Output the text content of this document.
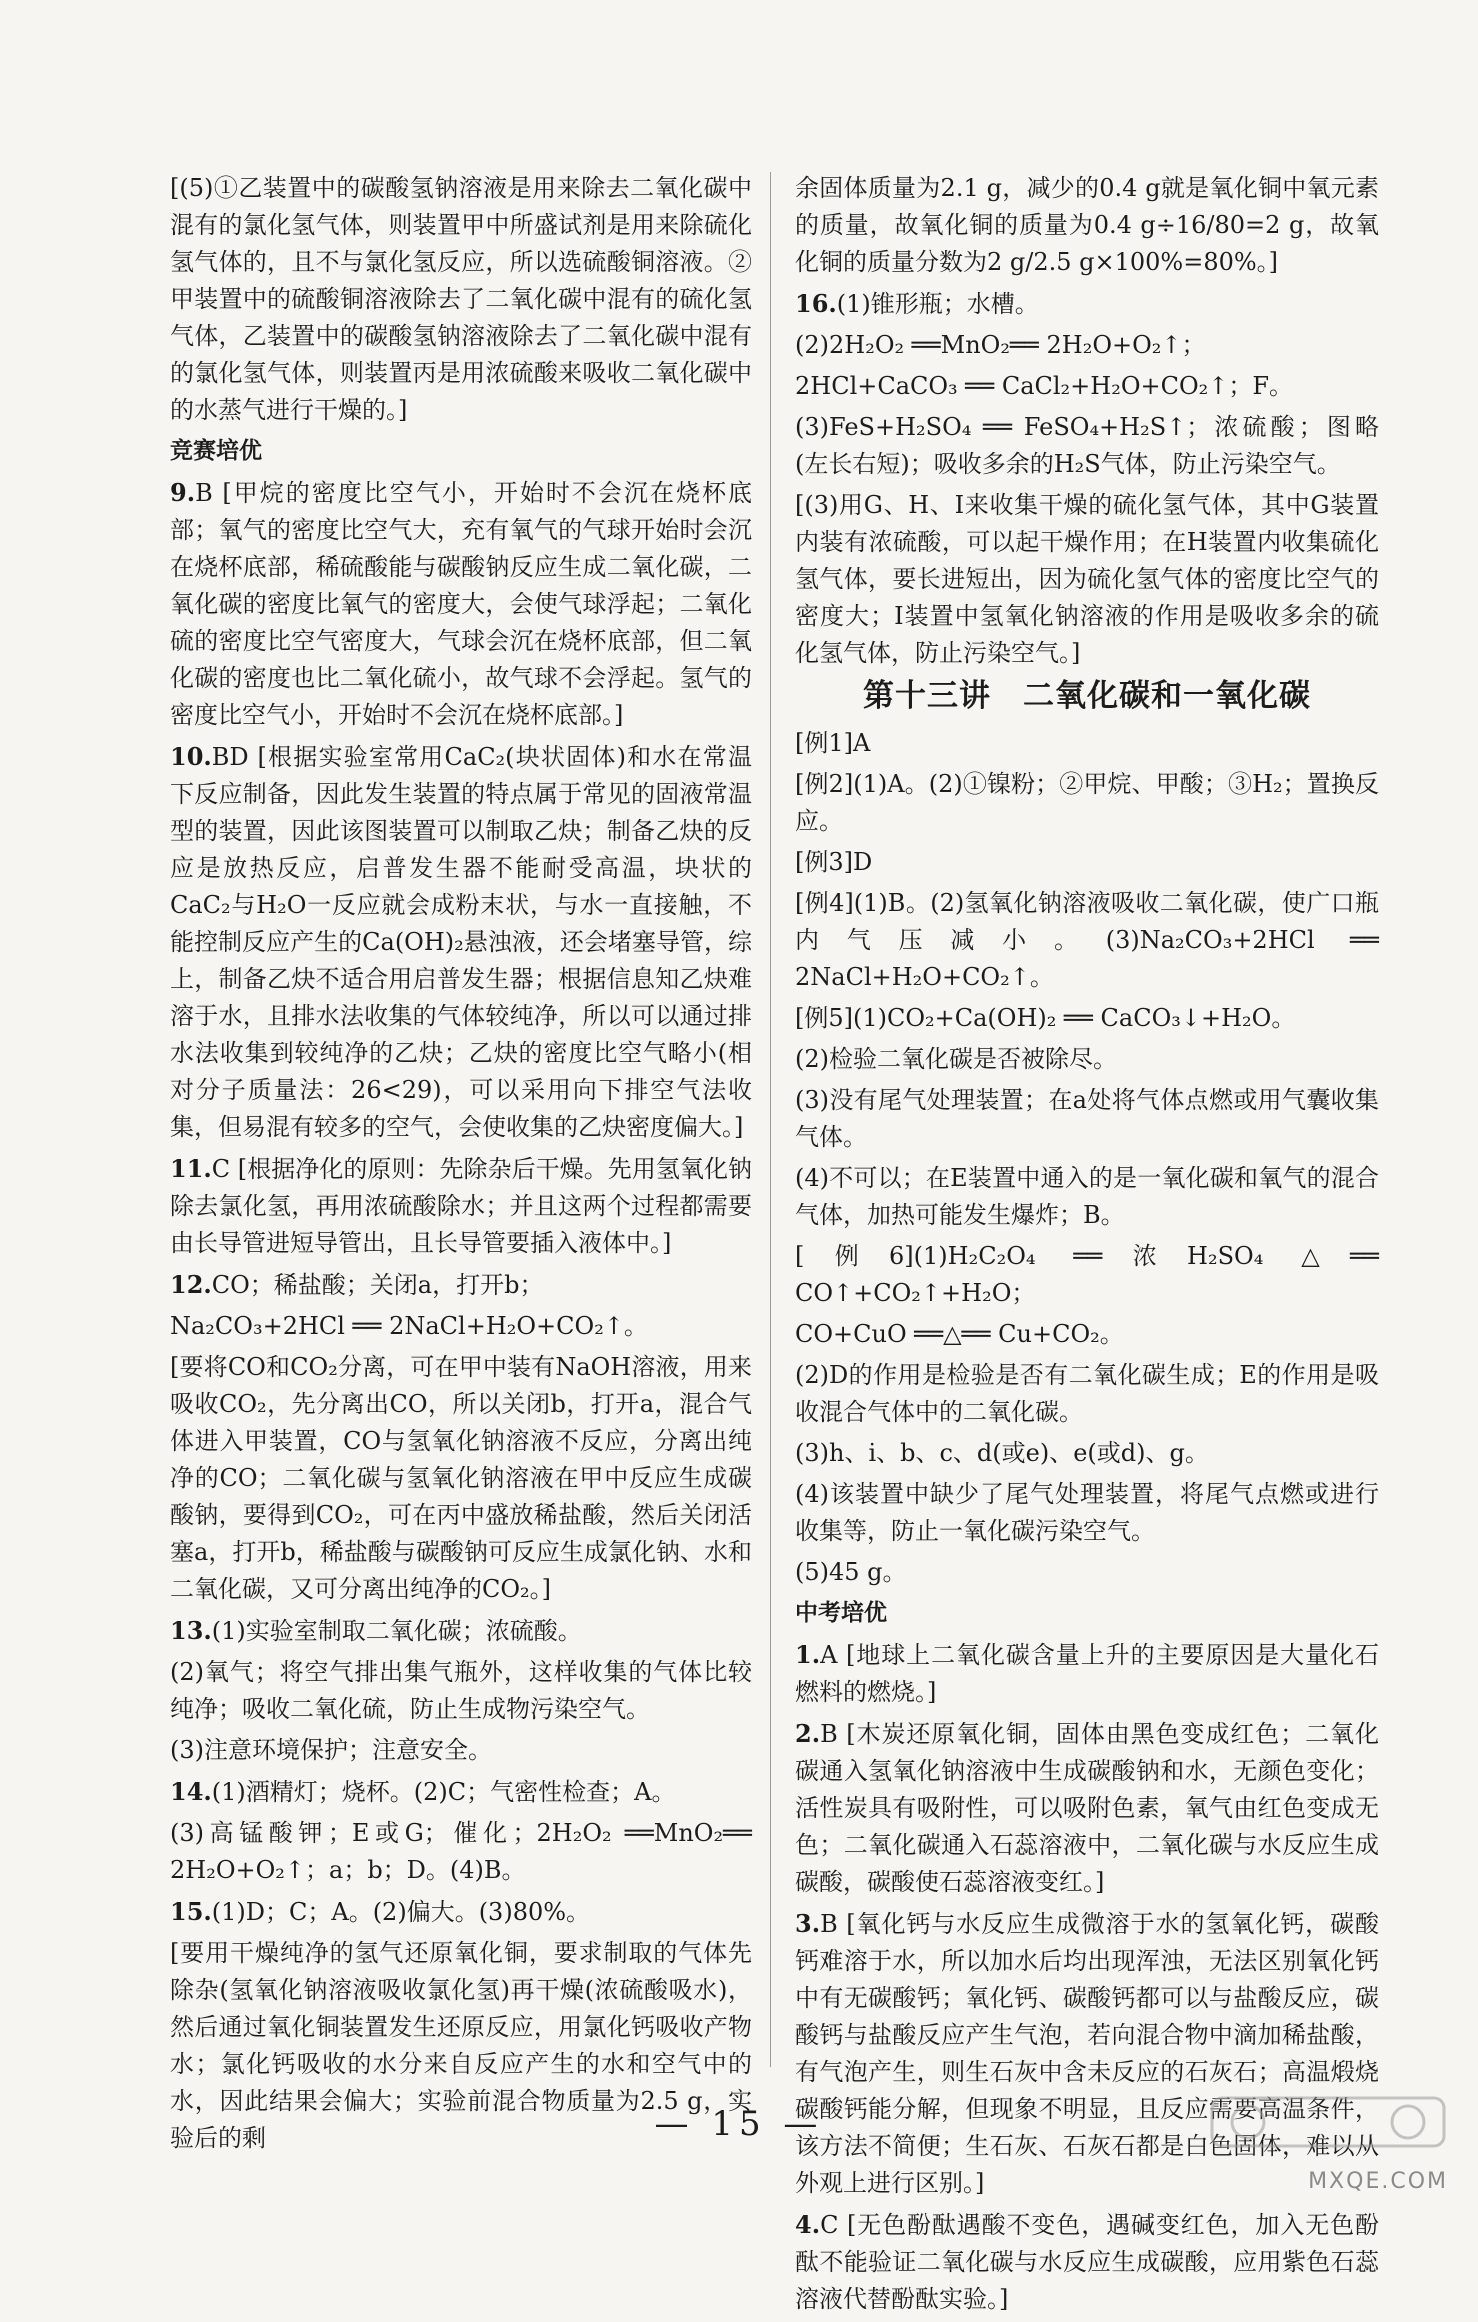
[(5)①乙装置中的碳酸氢钠溶液是用来除去二氧化碳中混有的氯化氢气体，则装置甲中所盛试剂是用来除硫化氢气体的，且不与氯化氢反应，所以选硫酸铜溶液。②甲装置中的硫酸铜溶液除去了二氧化碳中混有的硫化氢气体，乙装置中的碳酸氢钠溶液除去了二氧化碳中混有的氯化氢气体，则装置丙是用浓硫酸来吸收二氧化碳中的水蒸气进行干燥的。]
竞赛培优
9.B [甲烷的密度比空气小，开始时不会沉在烧杯底部；氧气的密度比空气大，充有氧气的气球开始时会沉在烧杯底部，稀硫酸能与碳酸钠反应生成二氧化碳，二氧化碳的密度比氧气的密度大，会使气球浮起；二氧化硫的密度比空气密度大，气球会沉在烧杯底部，但二氧化碳的密度也比二氧化硫小，故气球不会浮起。氢气的密度比空气小，开始时不会沉在烧杯底部。]
10.BD [根据实验室常用CaC₂(块状固体)和水在常温下反应制备，因此发生装置的特点属于常见的固液常温型的装置，因此该图装置可以制取乙炔；制备乙炔的反应是放热反应，启普发生器不能耐受高温，块状的CaC₂与H₂O一反应就会成粉末状，与水一直接触，不能控制反应产生的Ca(OH)₂悬浊液，还会堵塞导管，综上，制备乙炔不适合用启普发生器；根据信息知乙炔难溶于水，且排水法收集的气体较纯净，所以可以通过排水法收集到较纯净的乙炔；乙炔的密度比空气略小(相对分子质量法：26<29)，可以采用向下排空气法收集，但易混有较多的空气，会使收集的乙炔密度偏大。]
11.C [根据净化的原则：先除杂后干燥。先用氢氧化钠除去氯化氢，再用浓硫酸除水；并且这两个过程都需要由长导管进短导管出，且长导管要插入液体中。]
12.CO；稀盐酸；关闭a，打开b；
Na₂CO₃+2HCl ══ 2NaCl+H₂O+CO₂↑。
[要将CO和CO₂分离，可在甲中装有NaOH溶液，用来吸收CO₂，先分离出CO，所以关闭b，打开a，混合气体进入甲装置，CO与氢氧化钠溶液不反应，分离出纯净的CO；二氧化碳与氢氧化钠溶液在甲中反应生成碳酸钠，要得到CO₂，可在丙中盛放稀盐酸，然后关闭活塞a，打开b，稀盐酸与碳酸钠可反应生成氯化钠、水和二氧化碳，又可分离出纯净的CO₂。]
13.(1)实验室制取二氧化碳；浓硫酸。
(2)氧气；将空气排出集气瓶外，这样收集的气体比较纯净；吸收二氧化硫，防止生成物污染空气。
(3)注意环境保护；注意安全。
14.(1)酒精灯；烧杯。(2)C；气密性检查；A。
(3)高锰酸钾；E或G；催化；2H₂O₂ ══MnO₂══ 2H₂O+O₂↑；a；b；D。(4)B。
15.(1)D；C；A。(2)偏大。(3)80%。
[要用干燥纯净的氢气还原氧化铜，要求制取的气体先除杂(氢氧化钠溶液吸收氯化氢)再干燥(浓硫酸吸水)，然后通过氧化铜装置发生还原反应，用氯化钙吸收产物水；氯化钙吸收的水分来自反应产生的水和空气中的水，因此结果会偏大；实验前混合物质量为2.5 g，实验后的剩
余固体质量为2.1 g，减少的0.4 g就是氧化铜中氧元素的质量，故氧化铜的质量为0.4 g÷16/80=2 g，故氧化铜的质量分数为2 g/2.5 g×100%=80%。]
16.(1)锥形瓶；水槽。
(2)2H₂O₂ ══MnO₂══ 2H₂O+O₂↑；
2HCl+CaCO₃ ══ CaCl₂+H₂O+CO₂↑；F。
(3)FeS+H₂SO₄ ══ FeSO₄+H₂S↑；浓硫酸；图略(左长右短)；吸收多余的H₂S气体，防止污染空气。
[(3)用G、H、I来收集干燥的硫化氢气体，其中G装置内装有浓硫酸，可以起干燥作用；在H装置内收集硫化氢气体，要长进短出，因为硫化氢气体的密度比空气的密度大；I装置中氢氧化钠溶液的作用是吸收多余的硫化氢气体，防止污染空气。]
第十三讲　二氧化碳和一氧化碳
[例1]A
[例2](1)A。(2)①镍粉；②甲烷、甲酸；③H₂；置换反应。
[例3]D
[例4](1)B。(2)氢氧化钠溶液吸收二氧化碳，使广口瓶内气压减小。(3)Na₂CO₃+2HCl ══ 2NaCl+H₂O+CO₂↑。
[例5](1)CO₂+Ca(OH)₂ ══ CaCO₃↓+H₂O。
(2)检验二氧化碳是否被除尽。
(3)没有尾气处理装置；在a处将气体点燃或用气囊收集气体。
(4)不可以；在E装置中通入的是一氧化碳和氧气的混合气体，加热可能发生爆炸；B。
[例6](1)H₂C₂O₄ ══浓H₂SO₄ △══ CO↑+CO₂↑+H₂O；
CO+CuO ══△══ Cu+CO₂。
(2)D的作用是检验是否有二氧化碳生成；E的作用是吸收混合气体中的二氧化碳。
(3)h、i、b、c、d(或e)、e(或d)、g。
(4)该装置中缺少了尾气处理装置，将尾气点燃或进行收集等，防止一氧化碳污染空气。
(5)45 g。
中考培优
1.A [地球上二氧化碳含量上升的主要原因是大量化石燃料的燃烧。]
2.B [木炭还原氧化铜，固体由黑色变成红色；二氧化碳通入氢氧化钠溶液中生成碳酸钠和水，无颜色变化；活性炭具有吸附性，可以吸附色素，氧气由红色变成无色；二氧化碳通入石蕊溶液中，二氧化碳与水反应生成碳酸，碳酸使石蕊溶液变红。]
3.B [氧化钙与水反应生成微溶于水的氢氧化钙，碳酸钙难溶于水，所以加水后均出现浑浊，无法区别氧化钙中有无碳酸钙；氧化钙、碳酸钙都可以与盐酸反应，碳酸钙与盐酸反应产生气泡，若向混合物中滴加稀盐酸，有气泡产生，则生石灰中含未反应的石灰石；高温煅烧碳酸钙能分解，但现象不明显，且反应需要高温条件，该方法不简便；生石灰、石灰石都是白色固体，难以从外观上进行区别。]
4.C [无色酚酞遇酸不变色，遇碱变红色，加入无色酚酞不能验证二氧化碳与水反应生成碳酸，应用紫色石蕊溶液代替酚酞实验。]
— 15 —
MXQE.COM
